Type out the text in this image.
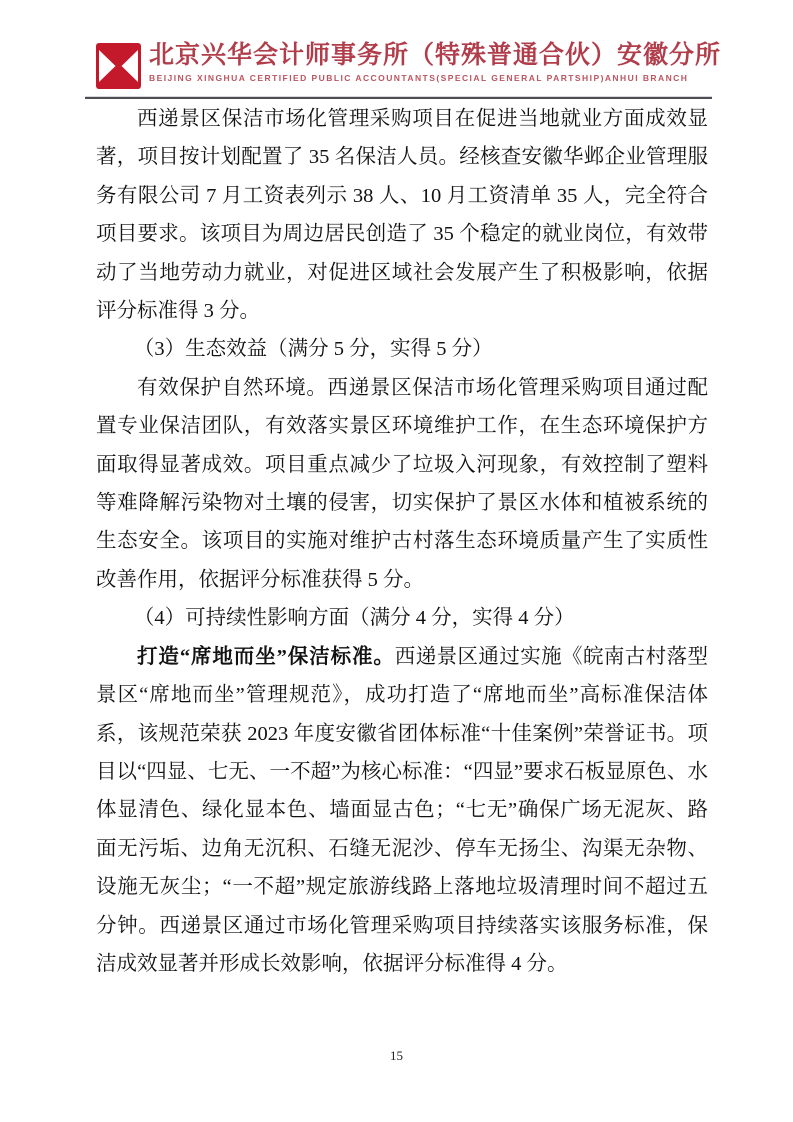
北京兴华会计师事务所（特殊普通合伙）安徽分所
BEIJING XINGHUA CERTIFIED PUBLIC ACCOUNTANTS(SPECIAL GENERAL PARTSHIP)ANHUI BRANCH

西递景区保洁市场化管理采购项目在促进当地就业方面成效显著，项目按计划配置了 35 名保洁人员。经核查安徽华邺企业管理服务有限公司 7 月工资表列示 38 人、10 月工资清单 35 人，完全符合项目要求。该项目为周边居民创造了 35 个稳定的就业岗位，有效带动了当地劳动力就业，对促进区域社会发展产生了积极影响，依据评分标准得 3 分。

（3）生态效益（满分 5 分，实得 5 分）

有效保护自然环境。西递景区保洁市场化管理采购项目通过配置专业保洁团队，有效落实景区环境维护工作，在生态环境保护方面取得显著成效。项目重点减少了垃圾入河现象，有效控制了塑料等难降解污染物对土壤的侵害，切实保护了景区水体和植被系统的生态安全。该项目的实施对维护古村落生态环境质量产生了实质性改善作用，依据评分标准获得 5 分。

（4）可持续性影响方面（满分 4 分，实得 4 分）

打造“席地而坐”保洁标准。西递景区通过实施《皖南古村落型景区“席地而坐”管理规范》，成功打造了“席地而坐”高标准保洁体系，该规范荣获 2023 年度安徽省团体标准“十佳案例”荣誉证书。项目以“四显、七无、一不超”为核心标准：“四显”要求石板显原色、水体显清色、绿化显本色、墙面显古色；“七无”确保广场无泥灰、路面无污垢、边角无沉积、石缝无泥沙、停车无扬尘、沟渠无杂物、设施无灰尘；“一不超”规定旅游线路上落地垃圾清理时间不超过五分钟。西递景区通过市场化管理采购项目持续落实该服务标准，保洁成效显著并形成长效影响，依据评分标准得 4 分。

15
